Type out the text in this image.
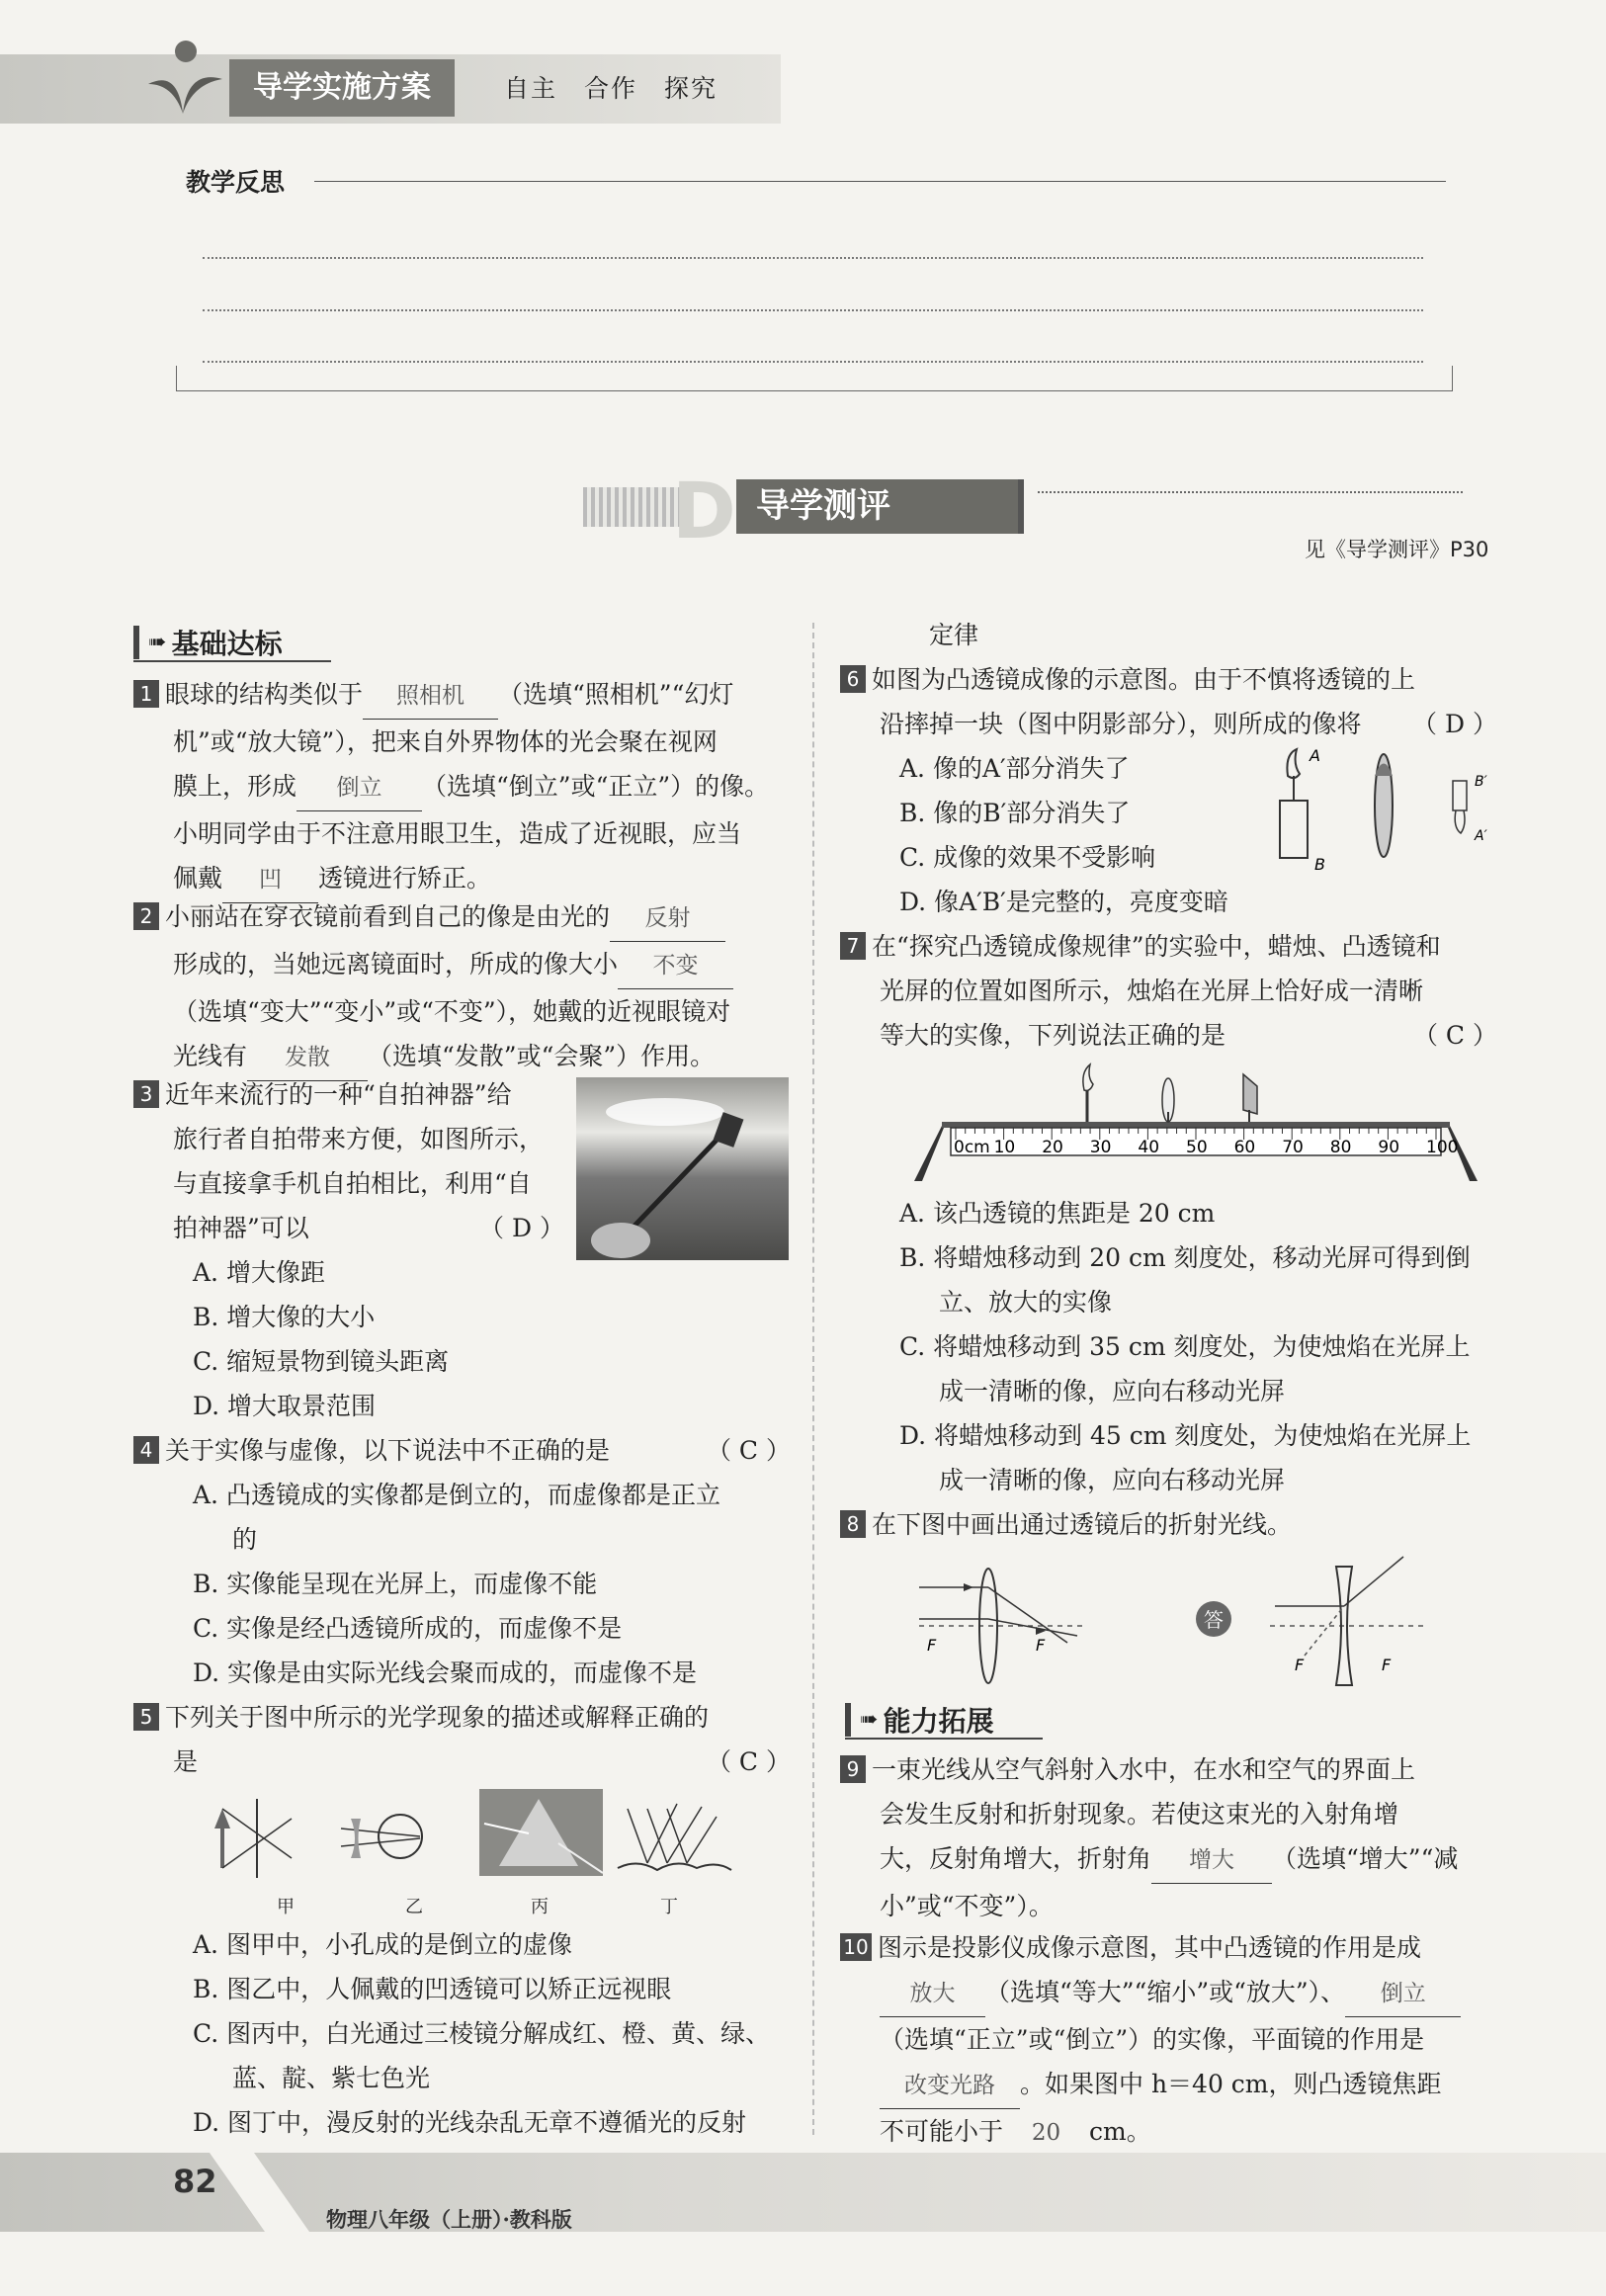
导学实施方案	自主　合作　探究
教学反思
D 导学测评
见《导学测评》P30
➠ 基础达标
1 眼球的结构类似于 照相机 （选填“照相机”“幻灯
机”或“放大镜”），把来自外界物体的光会聚在视网
膜上，形成 倒立 （选填“倒立”或“正立”）的像。
小明同学由于不注意用眼卫生，造成了近视眼，应当
佩戴 凹 透镜进行矫正。
2 小丽站在穿衣镜前看到自己的像是由光的 反射
形成的，当她远离镜面时，所成的像大小 不变
（选填“变大”“变小”或“不变”），她戴的近视眼镜对
光线有 发散 （选填“发散”或“会聚”）作用。
3 近年来流行的一种“自拍神器”给
旅行者自拍带来方便，如图所示，
与直接拿手机自拍相比，利用“自
拍神器”可以	（ D ）
A. 增大像距
B. 增大像的大小
C. 缩短景物到镜头距离
D. 增大取景范围
4 关于实像与虚像，以下说法中不正确的是	（ C ）
A. 凸透镜成的实像都是倒立的，而虚像都是正立
的
B. 实像能呈现在光屏上，而虚像不能
C. 实像是经凸透镜所成的，而虚像不是
D. 实像是由实际光线会聚而成的，而虚像不是
5 下列关于图中所示的光学现象的描述或解释正确的
是	（ C ）
甲	乙	丙	丁
A. 图甲中，小孔成的是倒立的虚像
B. 图乙中，人佩戴的凹透镜可以矫正远视眼
C. 图丙中，白光通过三棱镜分解成红、橙、黄、绿、
蓝、靛、紫七色光
D. 图丁中，漫反射的光线杂乱无章不遵循光的反射
定律
6 如图为凸透镜成像的示意图。由于不慎将透镜的上
沿摔掉一块（图中阴影部分），则所成的像将 （ D ）
A. 像的A′部分消失了
B. 像的B′部分消失了
C. 成像的效果不受影响
D. 像A′B′是完整的，亮度变暗
A
B
B′
A′
7 在“探究凸透镜成像规律”的实验中，蜡烛、凸透镜和
光屏的位置如图所示，烛焰在光屏上恰好成一清晰
等大的实像，下列说法正确的是	（ C ）
0cm 10 20 30 40 50 60 70 80 90 100
A. 该凸透镜的焦距是 20 cm
B. 将蜡烛移动到 20 cm 刻度处，移动光屏可得到倒
立、放大的实像
C. 将蜡烛移动到 35 cm 刻度处，为使烛焰在光屏上
成一清晰的像，应向右移动光屏
D. 将蜡烛移动到 45 cm 刻度处，为使烛焰在光屏上
成一清晰的像，应向右移动光屏
8 在下图中画出通过透镜后的折射光线。
F	F
答
F	F
➠ 能力拓展
9 一束光线从空气斜射入水中，在水和空气的界面上
会发生反射和折射现象。若使这束光的入射角增
大，反射角增大，折射角 增大 （选填“增大”“减
小”或“不变”）。
10 图示是投影仪成像示意图，其中凸透镜的作用是成
放大 （选填“等大”“缩小”或“放大”）、 倒立
（选填“正立”或“倒立”）的实像，平面镜的作用是
改变光路 。如果图中 h＝40 cm，则凸透镜焦距
不可能小于 20 cm。
82
物理八年级（上册）·教科版
